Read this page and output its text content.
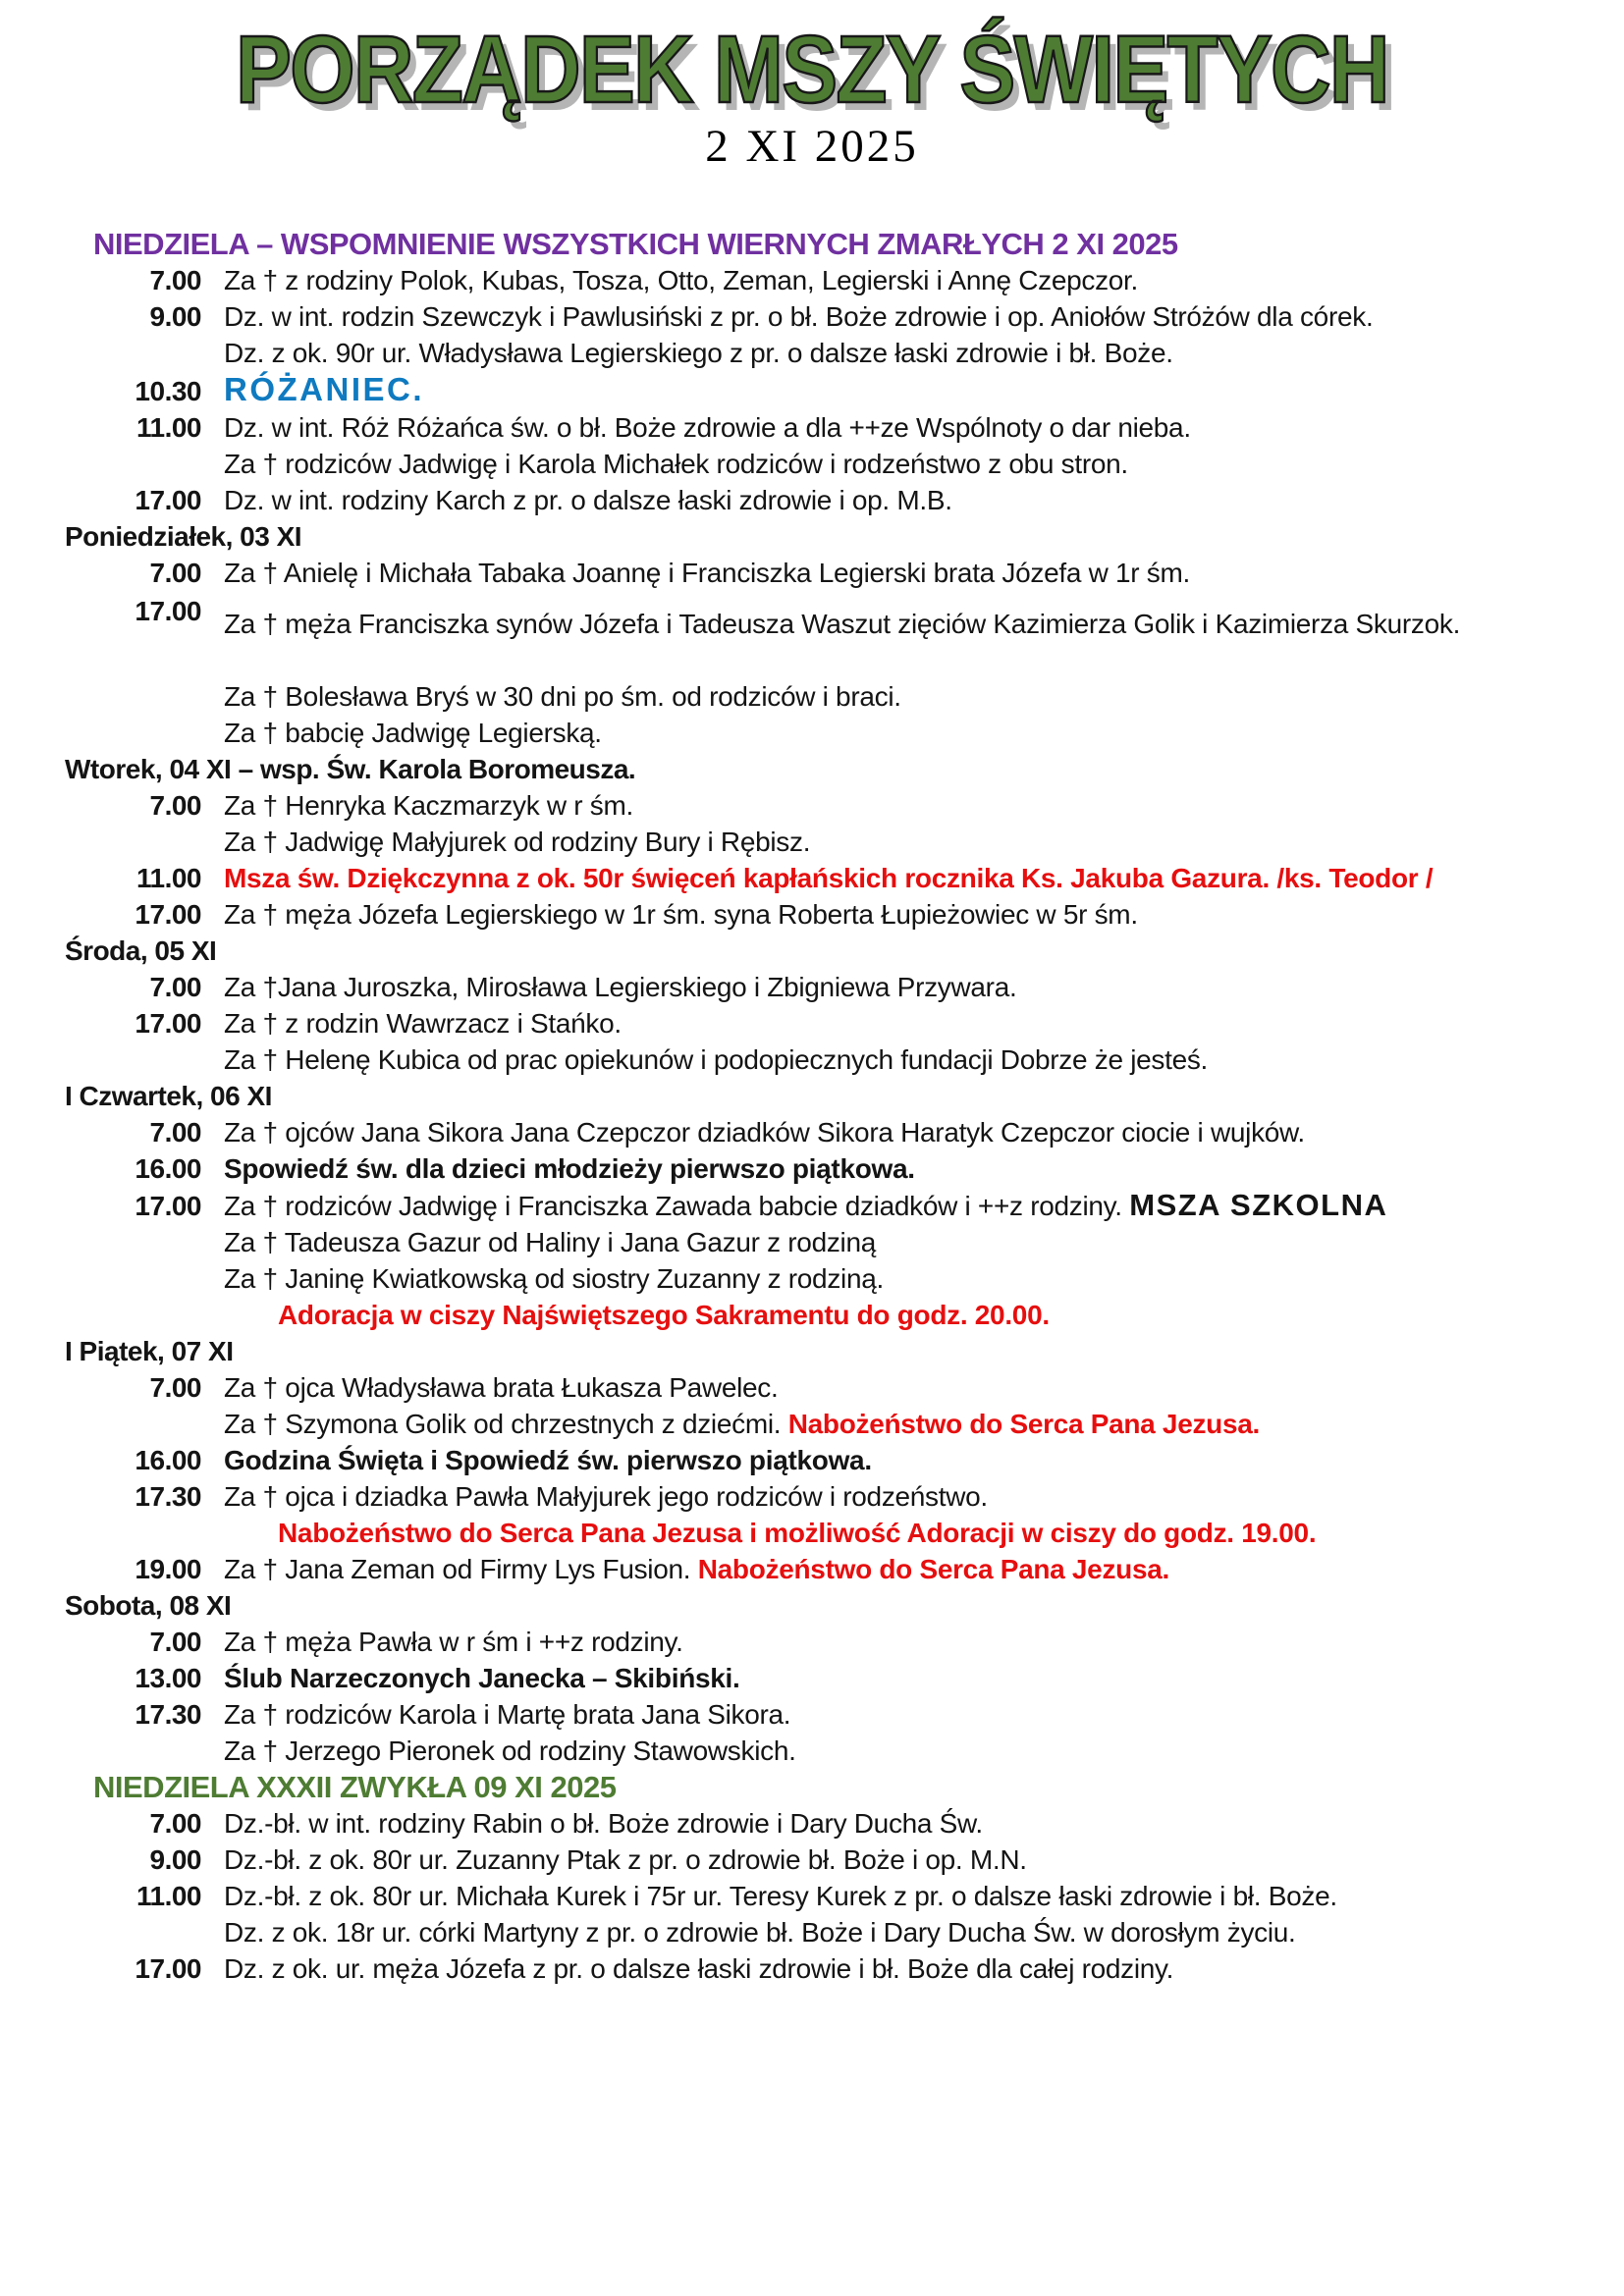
PORZĄDEK MSZY ŚWIĘTYCH
2 XI 2025
NIEDZIELA – WSPOMNIENIE WSZYSTKICH WIERNYCH ZMARŁYCH 2 XI 2025
7.00 Za † z rodziny Polok, Kubas, Tosza, Otto, Zeman, Legierski i Annę Czepczor.
9.00 Dz. w int. rodzin Szewczyk i Pawlusiński z pr. o bł. Boże zdrowie i op. Aniołów Stróżów dla córek.
Dz. z ok. 90r ur. Władysława Legierskiego z pr. o dalsze łaski zdrowie i bł. Boże.
10.30 RÓŻANIEC.
11.00 Dz. w int. Róż Różańca św. o bł. Boże zdrowie a dla ++ze Wspólnoty o dar nieba.
Za † rodziców Jadwigę i Karola Michałek rodziców i rodzeństwo z obu stron.
17.00 Dz. w int. rodziny Karch z pr. o dalsze łaski zdrowie i op. M.B.
Poniedziałek, 03 XI
7.00 Za † Anielę i Michała Tabaka Joannę i Franciszka Legierski brata Józefa w 1r śm.
17.00 Za † męża Franciszka synów Józefa i Tadeusza Waszut zięciów Kazimierza Golik i Kazimierza Skurzok.
Za † Bolesława Bryś w 30 dni po śm. od rodziców i braci.
Za † babcię Jadwigę Legierską.
Wtorek, 04 XI – wsp. Św. Karola Boromeusza.
7.00 Za † Henryka Kaczmarzyk w r śm.
Za † Jadwigę Małyjurek od rodziny Bury i Rębisz.
11.00 Msza św. Dziękczynna z ok. 50r święceń kapłańskich rocznika Ks. Jakuba Gazura. /ks. Teodor /
17.00 Za † męża Józefa Legierskiego w 1r śm. syna Roberta Łupieżowiec w 5r śm.
Środa, 05 XI
7.00 Za †Jana Juroszka, Mirosława Legierskiego i Zbigniewa Przywara.
17.00 Za † z rodzin Wawrzacz i Stańko.
Za † Helenę Kubica od prac opiekunów i podopiecznych fundacji Dobrze że jesteś.
I Czwartek, 06 XI
7.00 Za † ojców Jana Sikora Jana Czepczor dziadków Sikora Haratyk Czepczor ciocie i wujków.
16.00 Spowiedź św. dla dzieci młodzieży pierwszo piątkowa.
17.00 Za † rodziców Jadwigę i Franciszka Zawada babcie dziadków i ++z rodziny. MSZA SZKOLNA
Za † Tadeusza Gazur od Haliny i Jana Gazur z rodziną
Za † Janinę Kwiatkowską od siostry Zuzanny z rodziną.
Adoracja w ciszy Najświętszego Sakramentu do godz. 20.00.
I Piątek, 07 XI
7.00 Za † ojca Władysława brata Łukasza Pawelec.
Za † Szymona Golik od chrzestnych z dziećmi. Nabożeństwo do Serca Pana Jezusa.
16.00 Godzina Święta i Spowiedź św. pierwszo piątkowa.
17.30 Za † ojca i dziadka Pawła Małyjurek jego rodziców i rodzeństwo.
Nabożeństwo do Serca Pana Jezusa i możliwość Adoracji w ciszy do godz. 19.00.
19.00 Za † Jana Zeman od Firmy Lys Fusion. Nabożeństwo do Serca Pana Jezusa.
Sobota, 08 XI
7.00 Za † męża Pawła w r śm i ++z rodziny.
13.00 Ślub Narzeczonych Janecka – Skibiński.
17.30 Za † rodziców Karola i Martę brata Jana Sikora.
Za † Jerzego Pieronek od rodziny Stawowskich.
NIEDZIELA XXXII ZWYKŁA 09 XI 2025
7.00 Dz.-bł. w int. rodziny Rabin o bł. Boże zdrowie i Dary Ducha Św.
9.00 Dz.-bł. z ok. 80r ur. Zuzanny Ptak z pr. o zdrowie bł. Boże i op. M.N.
11.00 Dz.-bł. z ok. 80r ur. Michała Kurek i 75r ur. Teresy Kurek z pr. o dalsze łaski zdrowie i bł. Boże.
Dz. z ok. 18r ur. córki Martyny z pr. o zdrowie bł. Boże i Dary Ducha Św. w dorosłym życiu.
17.00 Dz. z ok. ur. męża Józefa z pr. o dalsze łaski zdrowie i bł. Boże dla całej rodziny.
